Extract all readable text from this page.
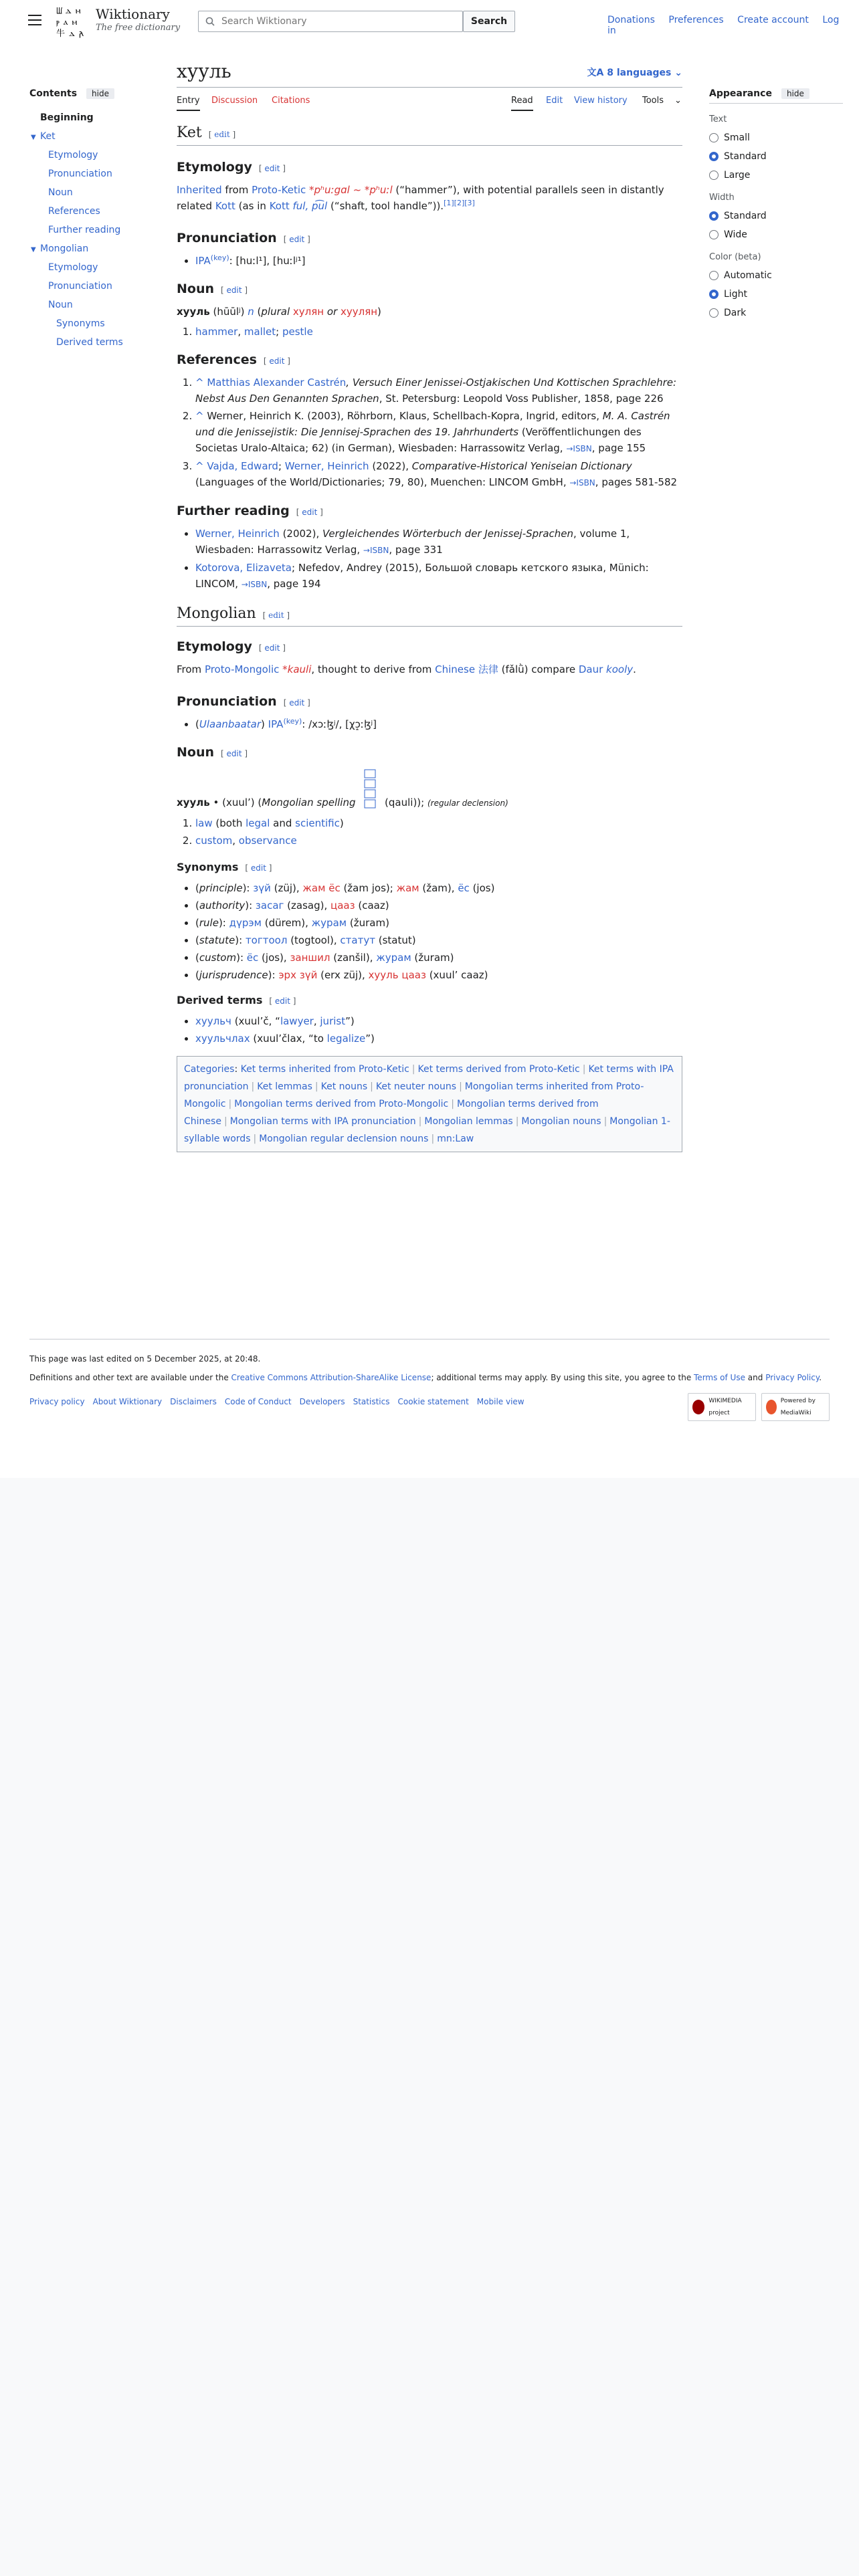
ꡆ ⲇ ⲙ
ⲣ ⲁ ⲙ
牛 ⲇ 𐌰
Wiktionary
The free dictionary
Search Wiktionary
Search	Donations Preferences Create account Log in
Contents	hide
Beginning
▼ Ket
Etymology
Pronunciation
Noun
References
Further reading
▼ Mongolian
Etymology
Pronunciation
Noun
Synonyms
Derived terms
хууль	文A 8 languages ⌄
Entry Discussion Citations	Read Edit View history Tools ⌄
Ket [ edit ]
Etymology [ edit ]

Inherited from Proto-Ketic *pʰuːgɑl ~ *pʰuːl (“hammer”), with potential parallels seen in distantly related Kott (as in Kott ful, p͡ul (“shaft, tool handle”)).[1][2][3]

Pronunciation [ edit ]
• $IPA^{(key)}$: [huːl¹], [huːlʲ¹]
Noun [ edit ]

хууль (hūūlʲ) n (plural хулян or хуулян)

1. hammer, mallet; pestle
References [ edit ]
1. ^ Matthias Alexander Castrén, Versuch Einer Jenissei-Ostjakischen Und Kottischen Sprachlehre: Nebst Aus Den Genannten Sprachen, St. Petersburg: Leopold Voss Publisher, 1858, page 226
2. ^ Werner, Heinrich K. (2003), Röhrborn, Klaus, Schellbach-Kopra, Ingrid, editors, M. A. Castrén und die Jenissejistik: Die Jennisej-Sprachen des 19. Jahrhunderts (Veröffentlichungen des Societas Uralo-Altaica; 62) (in German), Wiesbaden: Harrassowitz Verlag, →ISBN, page 155
3. ^ Vajda, Edward; Werner, Heinrich (2022), Comparative-Historical Yeniseian Dictionary (Languages of the World/Dictionaries; 79, 80), Muenchen: LINCOM GmbH, →ISBN, pages 581-582
Further reading [ edit ]
• Werner, Heinrich (2002), Vergleichendes Wörterbuch der Jenissej-Sprachen, volume 1, Wiesbaden: Harrassowitz Verlag, →ISBN, page 331
• Kotorova, Elizaveta; Nefedov, Andrey (2015), Большой словарь кетского языка, Münich: LINCOM, →ISBN, page 194
Mongolian [ edit ]
Etymology [ edit ]

From Proto-Mongolic *kauli, thought to derive from Chinese 法律 (fǎlǜ) compare Daur kooly.

Pronunciation [ edit ]
• (Ulaanbaatar) $IPA^{(key)}$: /xɔːɮʲ/, [χɔ̝ːɮʲ]
Noun [ edit ]

хууль • (xuulʼ) (Mongolian spelling	(qauli)); (regular declension)

1. law (both legal and scientific)
2. custom, observance
Synonyms [ edit ]
• (principle): зүй (züj), жам ёс (žam jos); жам (žam), ёс (jos)
• (authority): засаг (zasag), цааз (caaz)
• (rule): дүрэм (dürem), журам (žuram)
• (statute): тогтоол (togtool), статут (statut)
• (custom): ёс (jos), заншил (zanšil), журам (žuram)
• (jurisprudence): эрх зүй (erx züj), хууль цааз (xuulʼ caaz)
Derived terms [ edit ]
• хуульч (xuulʼč, “lawyer, jurist”)
• хуульчлах (xuulʼčlax, “to legalize”)
Categories: Ket terms inherited from Proto-Ketic | Ket terms derived from Proto-Ketic | Ket terms with IPA pronunciation | Ket lemmas | Ket nouns | Ket neuter nouns | Mongolian terms inherited from Proto-Mongolic | Mongolian terms derived from Proto-Mongolic | Mongolian terms derived from Chinese | Mongolian terms with IPA pronunciation | Mongolian lemmas | Mongolian nouns | Mongolian 1-syllable words | Mongolian regular declension nouns | mn:Law
Appearance	hide
Text
Small
Standard
Large
Width
Standard
Wide
Color (beta)
Automatic
Light
Dark
This page was last edited on 5 December 2025, at 20:48.
Definitions and other text are available under the Creative Commons Attribution-ShareAlike License; additional terms may apply. By using this site, you agree to the Terms of Use and Privacy Policy.
Privacy policy About Wiktionary Disclaimers Code of Conduct Developers Statistics Cookie statement Mobile view	WIKIMEDIA project
Powered by MediaWiki
